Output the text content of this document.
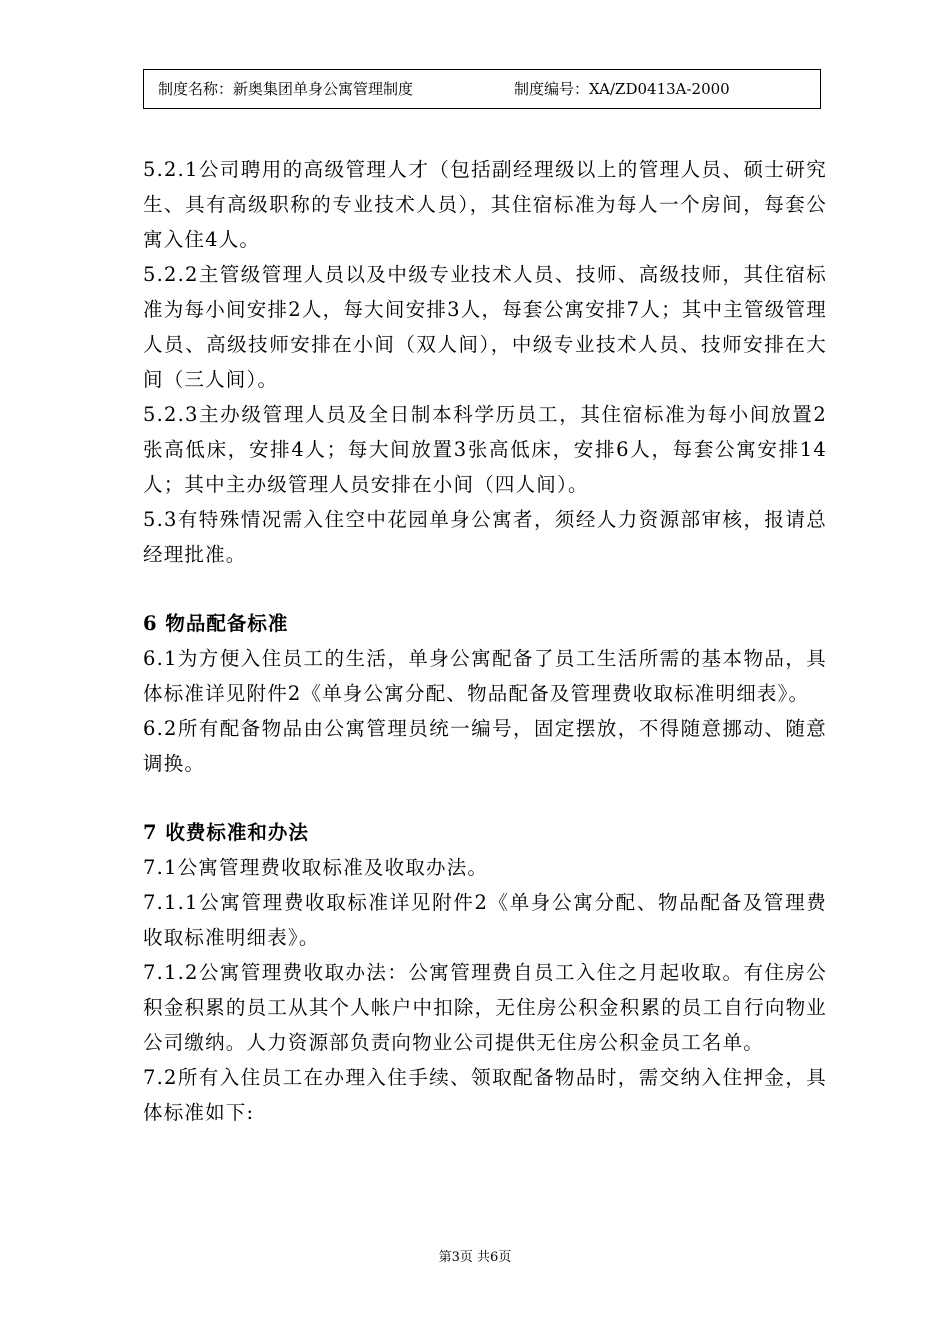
制度名称：新奥集团单身公寓管理制度	制度编号：XA/ZD0413A-2000

5.2.1公司聘用的高级管理人才（包括副经理级以上的管理人员、硕士研究生、具有高级职称的专业技术人员），其住宿标准为每人一个房间，每套公寓入住4人。

5.2.2主管级管理人员以及中级专业技术人员、技师、高级技师，其住宿标准为每小间安排2人，每大间安排3人，每套公寓安排7人；其中主管级管理人员、高级技师安排在小间（双人间），中级专业技术人员、技师安排在大间（三人间）。

5.2.3主办级管理人员及全日制本科学历员工，其住宿标准为每小间放置2张高低床，安排4人；每大间放置3张高低床，安排6人，每套公寓安排14人；其中主办级管理人员安排在小间（四人间）。

5.3有特殊情况需入住空中花园单身公寓者，须经人力资源部审核，报请总经理批准。

6 物品配备标准

6.1为方便入住员工的生活，单身公寓配备了员工生活所需的基本物品，具体标准详见附件2《单身公寓分配、物品配备及管理费收取标准明细表》。

6.2所有配备物品由公寓管理员统一编号，固定摆放，不得随意挪动、随意调换。

7 收费标准和办法

7.1公寓管理费收取标准及收取办法。

7.1.1公寓管理费收取标准详见附件2《单身公寓分配、物品配备及管理费收取标准明细表》。

7.1.2公寓管理费收取办法：公寓管理费自员工入住之月起收取。有住房公积金积累的员工从其个人帐户中扣除，无住房公积金积累的员工自行向物业公司缴纳。人力资源部负责向物业公司提供无住房公积金员工名单。

7.2所有入住员工在办理入住手续、领取配备物品时，需交纳入住押金，具体标准如下:

第3页 共6页
